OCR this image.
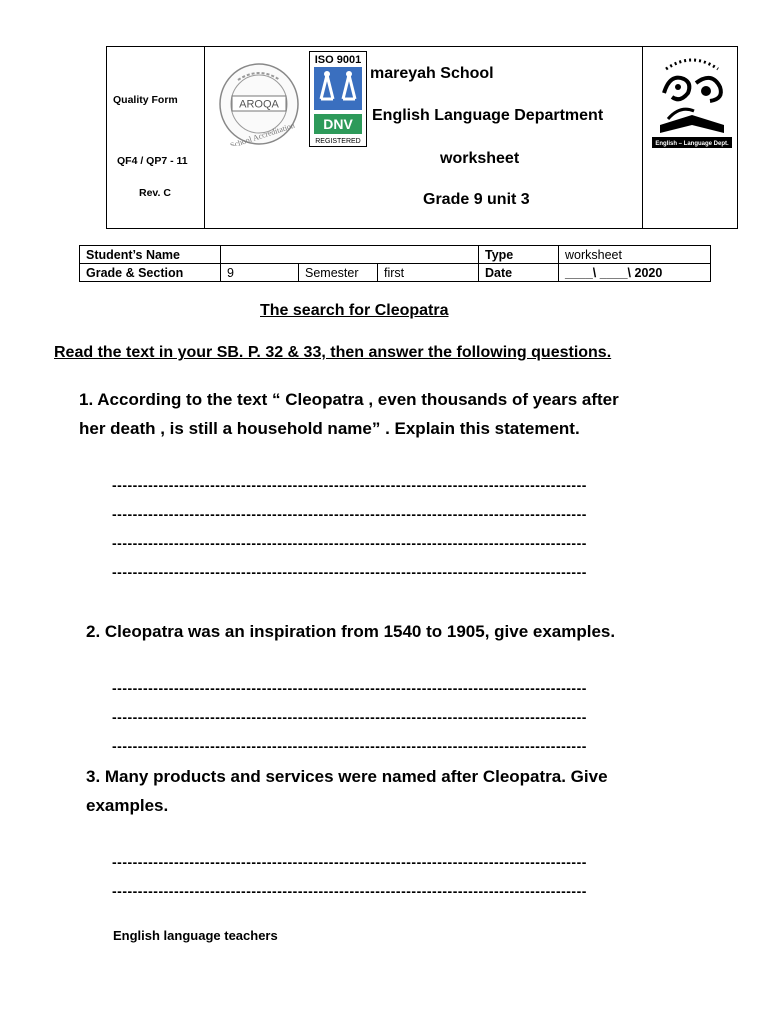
Quality Form
QF4 / QP7 - 11
Rev. C
AROQA
School Accreditation
ISO 9001
DNV
REGISTERED
mareyah School
English Language Department
worksheet
Grade 9 unit 3
English – Language Dept.
Student’s Name				Type	worksheet
Grade & Section	9	Semester	first	Date	____\ ____\ 2020
The search for Cleopatra
Read the text in your SB. P. 32 & 33, then answer the following questions.
1. According to the text “ Cleopatra , even thousands of years after
her death , is still a household name” . Explain this statement.
--------------------------------------------------------------------------------------------
--------------------------------------------------------------------------------------------
--------------------------------------------------------------------------------------------
--------------------------------------------------------------------------------------------
2. Cleopatra was an inspiration from 1540 to 1905, give examples.
--------------------------------------------------------------------------------------------
--------------------------------------------------------------------------------------------
--------------------------------------------------------------------------------------------
3. Many products and services were named after Cleopatra. Give
examples.
--------------------------------------------------------------------------------------------
--------------------------------------------------------------------------------------------
English language teachers
